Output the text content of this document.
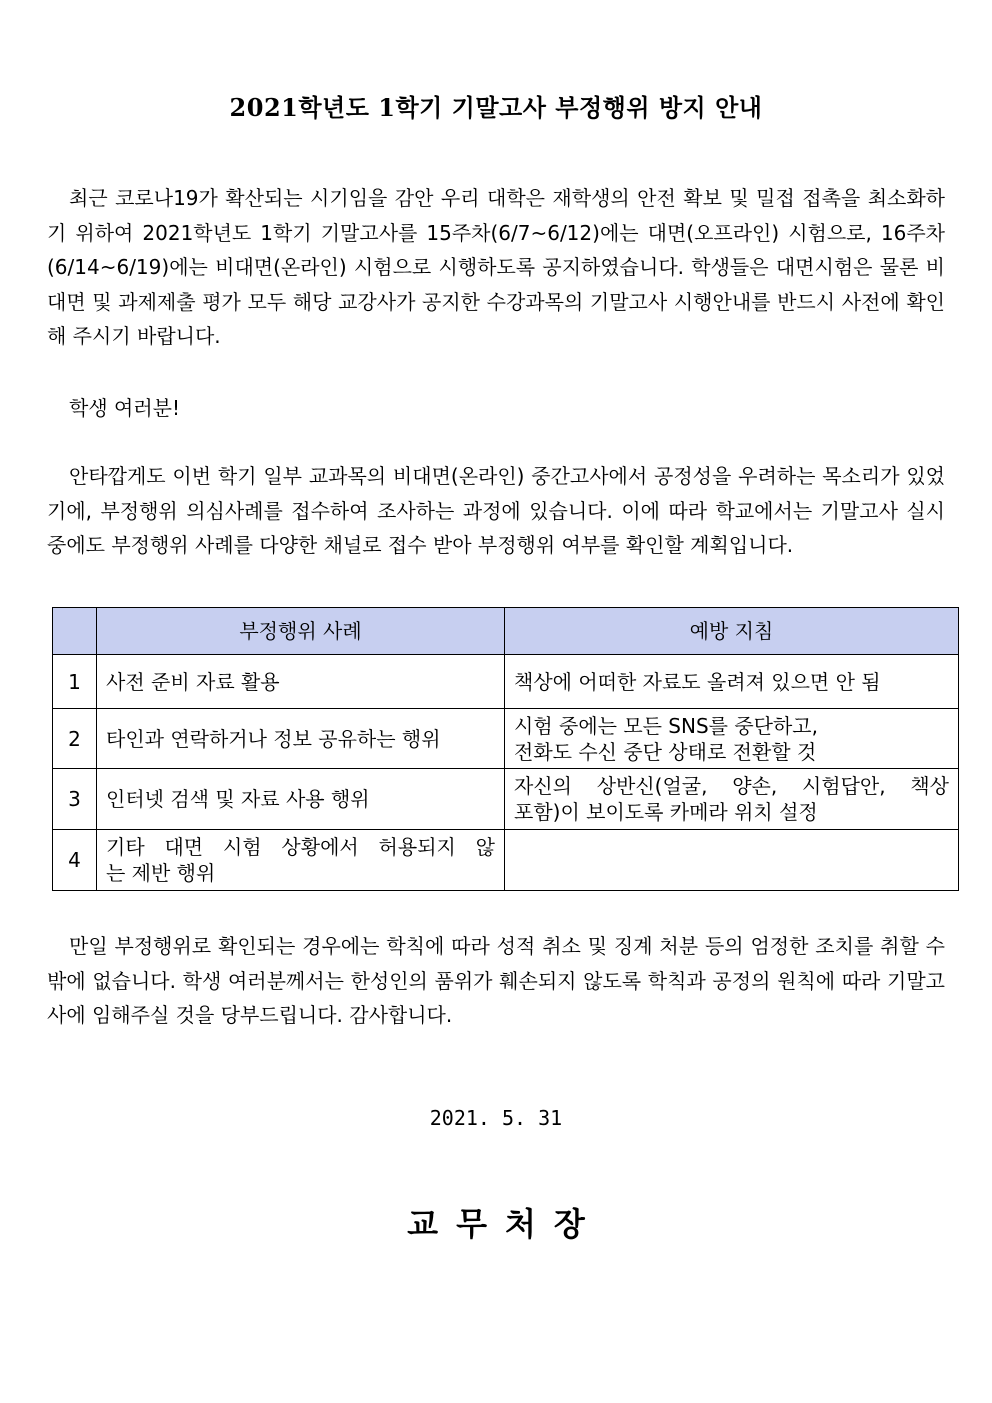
2021학년도 1학기 기말고사 부정행위 방지 안내

최근 코로나19가 확산되는 시기임을 감안 우리 대학은 재학생의 안전 확보 및 밀접 접촉을 최소화하기 위하여 2021학년도 1학기 기말고사를 15주차(6/7~6/12)에는 대면(오프라인) 시험으로, 16주차(6/14~6/19)에는 비대면(온라인) 시험으로 시행하도록 공지하였습니다. 학생들은 대면시험은 물론 비대면 및 과제제출 평가 모두 해당 교강사가 공지한 수강과목의 기말고사 시행안내를 반드시 사전에 확인해 주시기 바랍니다.

학생 여러분!

안타깝게도 이번 학기 일부 교과목의 비대면(온라인) 중간고사에서 공정성을 우려하는 목소리가 있었기에, 부정행위 의심사례를 접수하여 조사하는 과정에 있습니다. 이에 따라 학교에서는 기말고사 실시 중에도 부정행위 사례를 다양한 채널로 접수 받아 부정행위 여부를 확인할 계획입니다.

	부정행위 사례	예방 지침
1	사전 준비 자료 활용	책상에 어떠한 자료도 올려져 있으면 안 됨
2	타인과 연락하거나 정보 공유하는 행위	시험 중에는 모든 SNS를 중단하고,
전화도 수신 중단 상태로 전환할 것

3	인터넷 검색 및 자료 사용 행위	자신의 상반신(얼굴, 양손, 시험답안, 책상
포함)이 보이도록 카메라 위치 설정

4	기타 대면 시험 상황에서 허용되지 않
는 제반 행위	

만일 부정행위로 확인되는 경우에는 학칙에 따라 성적 취소 및 징계 처분 등의 엄정한 조치를 취할 수 밖에 없습니다. 학생 여러분께서는 한성인의 품위가 훼손되지 않도록 학칙과 공정의 원칙에 따라 기말고사에 임해주실 것을 당부드립니다. 감사합니다.

2021. 5. 31
교무처장
